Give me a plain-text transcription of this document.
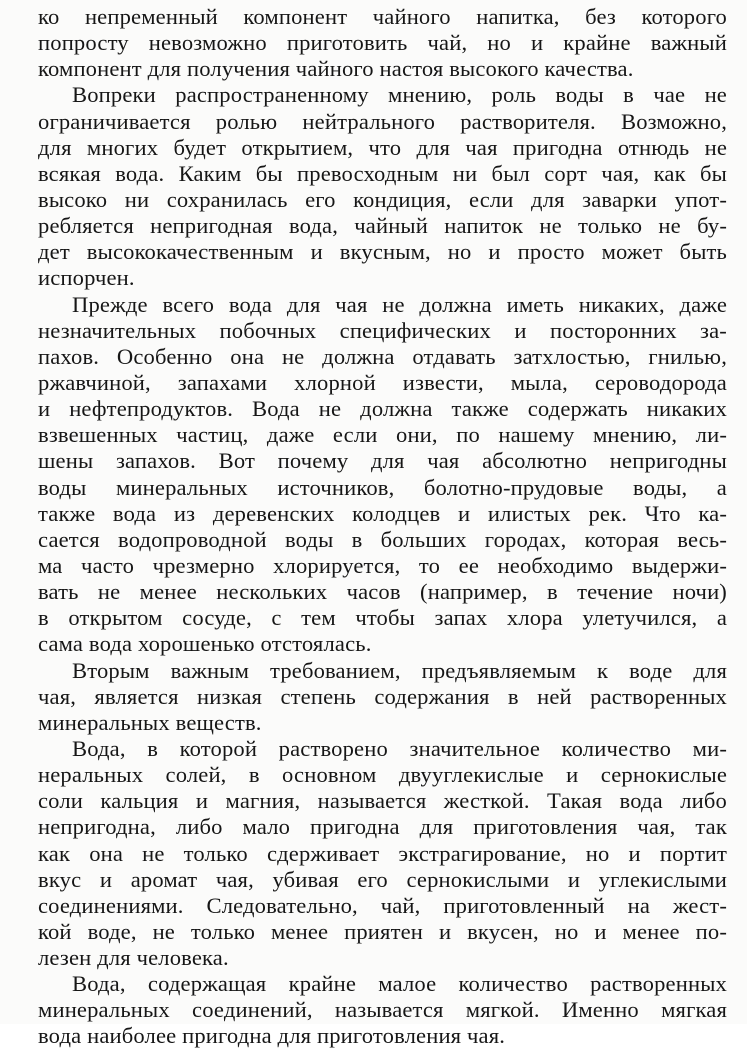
ко непременный компонент чайного напитка, без которого
попросту невозможно приготовить чай, но и крайне важный
компонент для получения чайного настоя высокого качества.
Вопреки распространенному мнению, роль воды в чае не
ограничивается ролью нейтрального растворителя. Возможно,
для многих будет открытием, что для чая пригодна отнюдь не
всякая вода. Каким бы превосходным ни был сорт чая, как бы
высоко ни сохранилась его кондиция, если для заварки упот-
ребляется непригодная вода, чайный напиток не только не бу-
дет высококачественным и вкусным, но и просто может быть
испорчен.
Прежде всего вода для чая не должна иметь никаких, даже
незначительных побочных специфических и посторонних за-
пахов. Особенно она не должна отдавать затхлостью, гнилью,
ржавчиной, запахами хлорной извести, мыла, сероводорода
и нефтепродуктов. Вода не должна также содержать никаких
взвешенных частиц, даже если они, по нашему мнению, ли-
шены запахов. Вот почему для чая абсолютно непригодны
воды минеральных источников, болотно-прудовые воды, а
также вода из деревенских колодцев и илистых рек. Что ка-
сается водопроводной воды в больших городах, которая весь-
ма часто чрезмерно хлорируется, то ее необходимо выдержи-
вать не менее нескольких часов (например, в течение ночи)
в открытом сосуде, с тем чтобы запах хлора улетучился, а
сама вода хорошенько отстоялась.
Вторым важным требованием, предъявляемым к воде для
чая, является низкая степень содержания в ней растворенных
минеральных веществ.
Вода, в которой растворено значительное количество ми-
неральных солей, в основном двууглекислые и сернокислые
соли кальция и магния, называется жесткой. Такая вода либо
непригодна, либо мало пригодна для приготовления чая, так
как она не только сдерживает экстрагирование, но и портит
вкус и аромат чая, убивая его сернокислыми и углекислыми
соединениями. Следовательно, чай, приготовленный на жест-
кой воде, не только менее приятен и вкусен, но и менее по-
лезен для человека.
Вода, содержащая крайне малое количество растворенных
минеральных соединений, называется мягкой. Именно мягкая
вода наиболее пригодна для приготовления чая.
